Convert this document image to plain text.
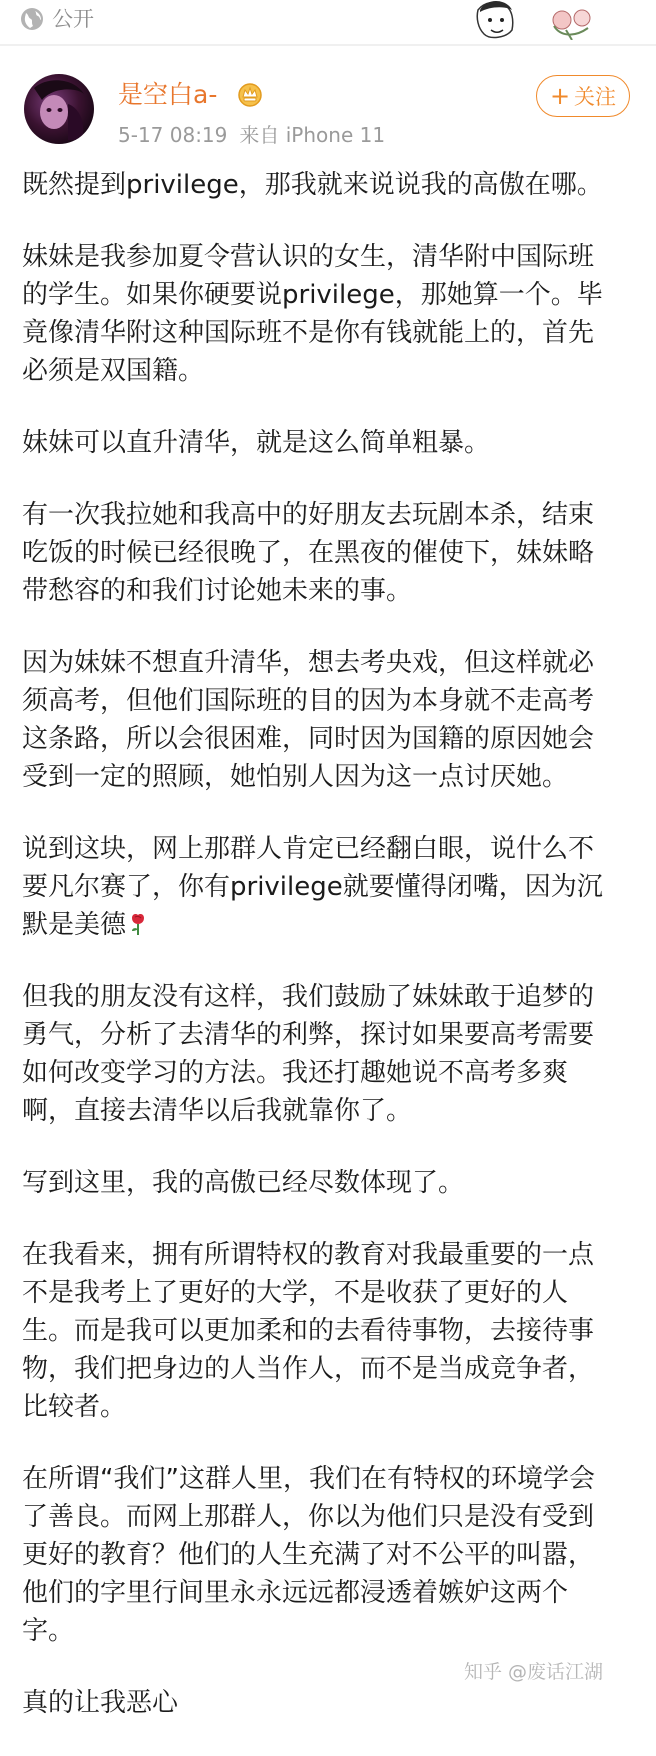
公开
是空白a-
5-17 08:19 来自 iPhone 11
+ 关注

既然提到privilege，那我就来说说我的高傲在哪。

妹妹是我参加夏令营认识的女生，清华附中国际班
的学生。如果你硬要说privilege，那她算一个。毕
竟像清华附这种国际班不是你有钱就能上的，首先
必须是双国籍。

妹妹可以直升清华，就是这么简单粗暴。

有一次我拉她和我高中的好朋友去玩剧本杀，结束
吃饭的时候已经很晚了，在黑夜的催使下，妹妹略
带愁容的和我们讨论她未来的事。

因为妹妹不想直升清华，想去考央戏，但这样就必
须高考，但他们国际班的目的因为本身就不走高考
这条路，所以会很困难，同时因为国籍的原因她会
受到一定的照顾，她怕别人因为这一点讨厌她。

说到这块，网上那群人肯定已经翻白眼，说什么不
要凡尔赛了，你有privilege就要懂得闭嘴，因为沉
默是美德

但我的朋友没有这样，我们鼓励了妹妹敢于追梦的
勇气，分析了去清华的利弊，探讨如果要高考需要
如何改变学习的方法。我还打趣她说不高考多爽
啊，直接去清华以后我就靠你了。

写到这里，我的高傲已经尽数体现了。

在我看来，拥有所谓特权的教育对我最重要的一点
不是我考上了更好的大学，不是收获了更好的人
生。而是我可以更加柔和的去看待事物，去接待事
物，我们把身边的人当作人，而不是当成竞争者，
比较者。

在所谓“我们”这群人里，我们在有特权的环境学会
了善良。而网上那群人，你以为他们只是没有受到
更好的教育？他们的人生充满了对不公平的叫嚣，
他们的字里行间里永永远远都浸透着嫉妒这两个
字。

真的让我恶心

知乎 @废话江湖
